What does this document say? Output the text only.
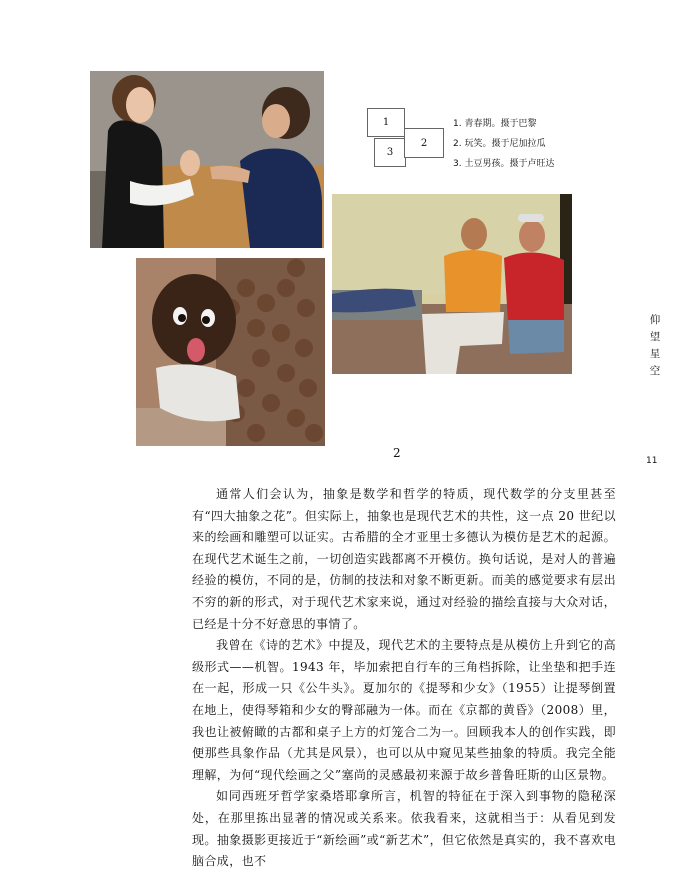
1
3
2
1. 青春期。摄于巴黎
2. 玩笑。摄于尼加拉瓜
3. 土豆男孩。摄于卢旺达
2
仰
望
星
空
11

通常人们会认为，抽象是数学和哲学的特质，现代数学的分支里甚至有“四大抽象之花”。但实际上，抽象也是现代艺术的共性，这一点 20 世纪以来的绘画和雕塑可以证实。古希腊的全才亚里士多德认为模仿是艺术的起源。在现代艺术诞生之前，一切创造实践都离不开模仿。换句话说，是对人的普遍经验的模仿，不同的是，仿制的技法和对象不断更新。而美的感觉要求有层出不穷的新的形式，对于现代艺术家来说，通过对经验的描绘直接与大众对话，已经是十分不好意思的事情了。

我曾在《诗的艺术》中提及，现代艺术的主要特点是从模仿上升到它的高级形式——机智。1943 年，毕加索把自行车的三角档拆除，让坐垫和把手连在一起，形成一只《公牛头》。夏加尔的《提琴和少女》（1955）让提琴倒置在地上，使得琴箱和少女的臀部融为一体。而在《京都的黄昏》（2008）里，我也让被俯瞰的古都和桌子上方的灯笼合二为一。回顾我本人的创作实践，即便那些具象作品（尤其是风景），也可以从中窥见某些抽象的特质。我完全能理解，为何“现代绘画之父”塞尚的灵感最初来源于故乡普鲁旺斯的山区景物。

如同西班牙哲学家桑塔耶拿所言，机智的特征在于深入到事物的隐秘深处，在那里拣出显著的情况或关系来。依我看来，这就相当于：从看见到发现。抽象摄影更接近于“新绘画”或“新艺术”，但它依然是真实的，我不喜欢电脑合成，也不
